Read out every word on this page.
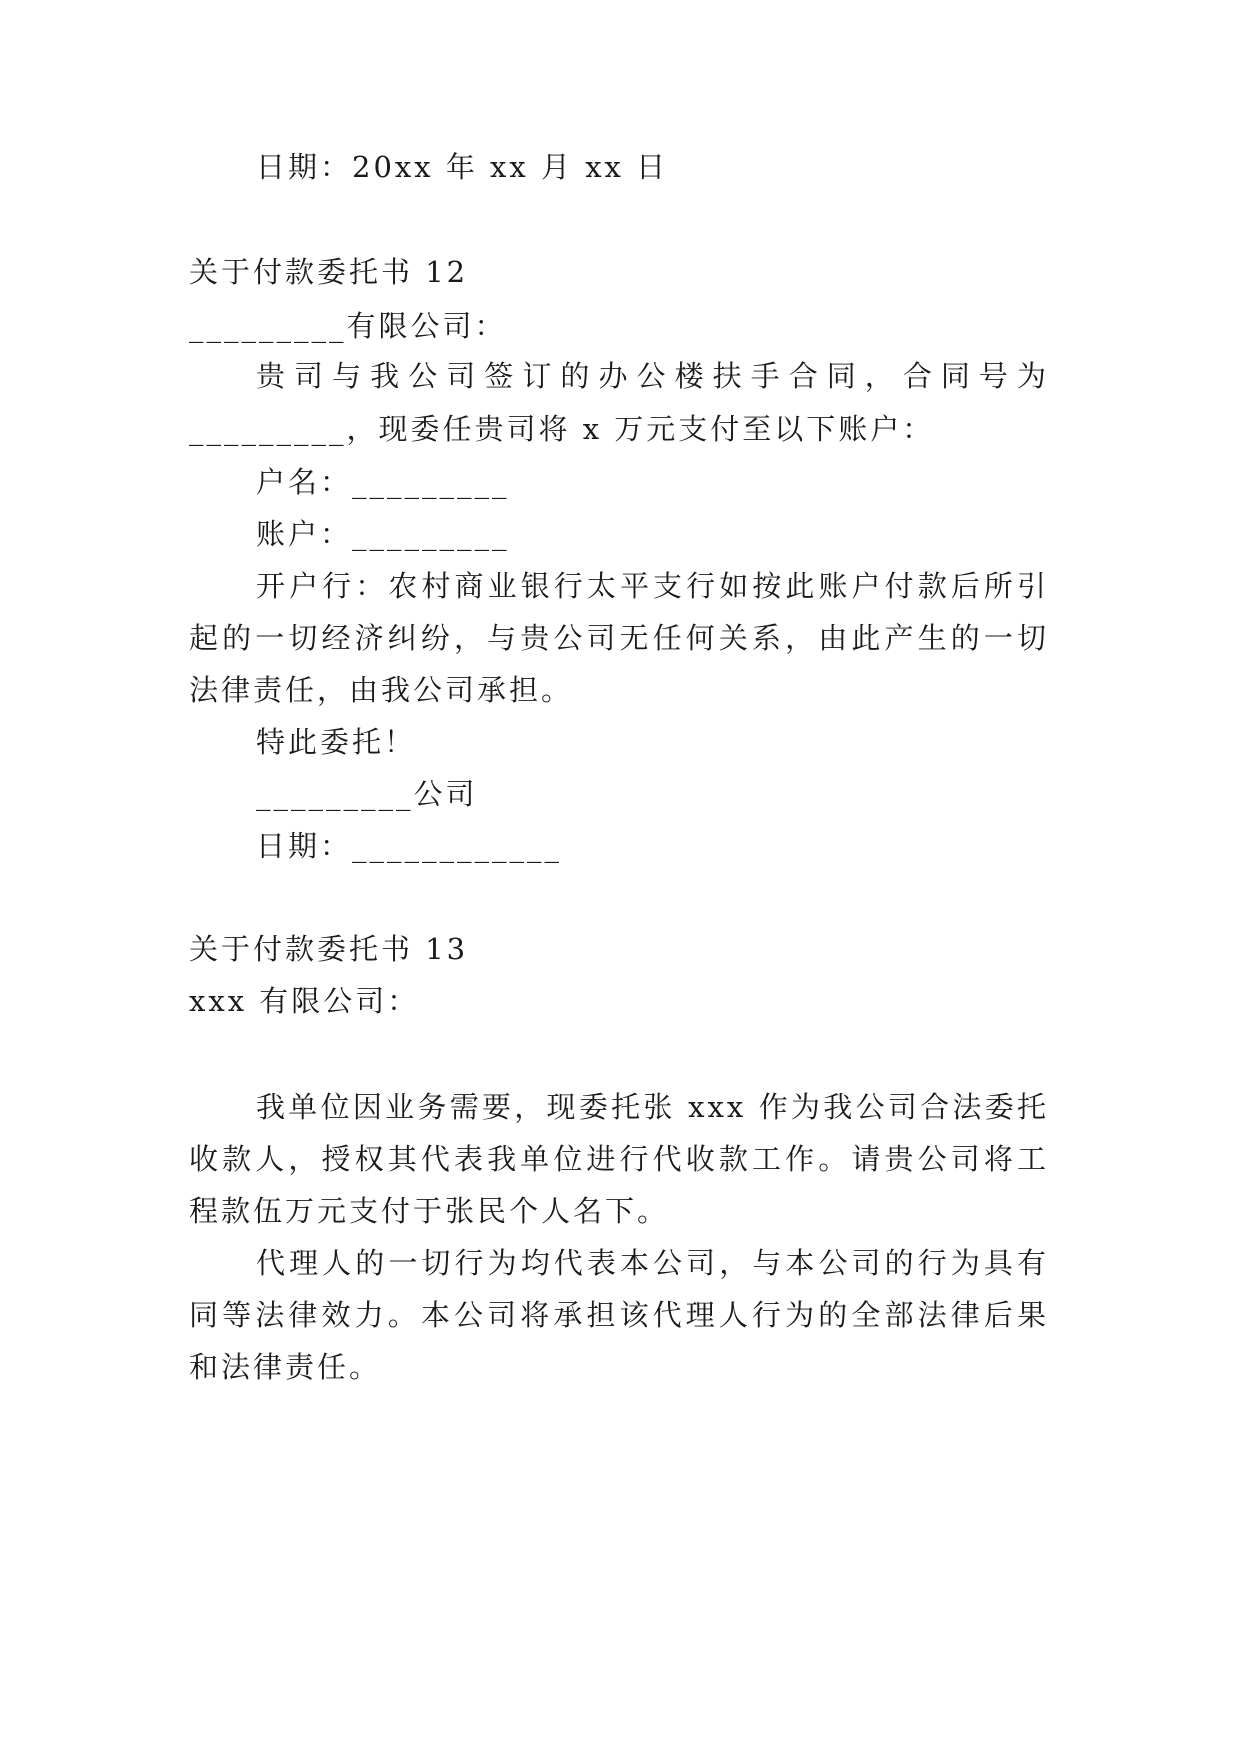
日期：20xx 年 xx 月 xx 日
关于付款委托书 12
_________有限公司：
贵司与我公司签订的办公楼扶手合同，合同号为
_________，现委任贵司将 x 万元支付至以下账户：
户名：_________
账户：_________
开户行：农村商业银行太平支行如按此账户付款后所引
起的一切经济纠纷，与贵公司无任何关系，由此产生的一切
法律责任，由我公司承担。
特此委托！
_________公司
日期：____________
关于付款委托书 13
xxx 有限公司：
我单位因业务需要，现委托张 xxx 作为我公司合法委托
收款人，授权其代表我单位进行代收款工作。请贵公司将工
程款伍万元支付于张民个人名下。
代理人的一切行为均代表本公司，与本公司的行为具有
同等法律效力。本公司将承担该代理人行为的全部法律后果
和法律责任。
